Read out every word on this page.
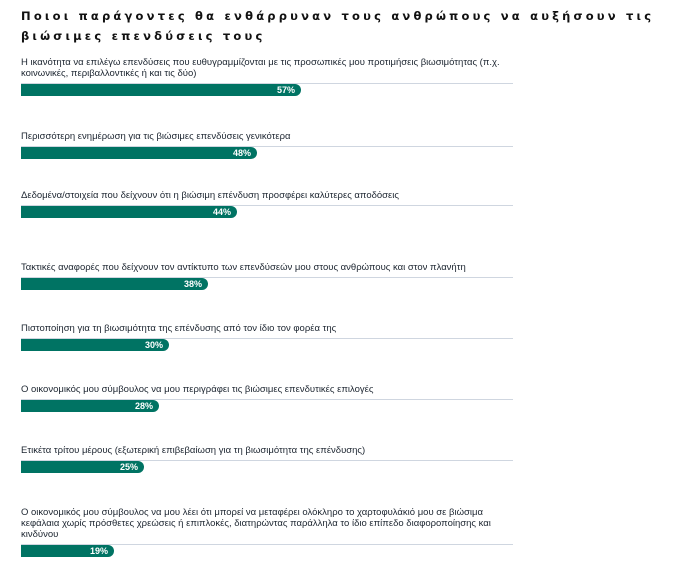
Ποιοι παράγοντες θα ενθάρρυναν τους ανθρώπους να αυξήσουν τις βιώσιμες επενδύσεις τους
Η ικανότητα να επιλέγω επενδύσεις που ευθυγραμμίζονται με τις προσωπικές μου προτιμήσεις βιωσιμότητας (π.χ. κοινωνικές, περιβαλλοντικές ή και τις δύο)
57%
Περισσότερη ενημέρωση για τις βιώσιμες επενδύσεις γενικότερα
48%
Δεδομένα/στοιχεία που δείχνουν ότι η βιώσιμη επένδυση προσφέρει καλύτερες αποδόσεις
44%
Τακτικές αναφορές που δείχνουν τον αντίκτυπο των επενδύσεών μου στους ανθρώπους και στον πλανήτη
38%
Πιστοποίηση για τη βιωσιμότητα της επένδυσης από τον ίδιο τον φορέα της
30%
Ο οικονομικός μου σύμβουλος να μου περιγράφει τις βιώσιμες επενδυτικές επιλογές
28%
Ετικέτα τρίτου μέρους (εξωτερική επιβεβαίωση για τη βιωσιμότητα της επένδυσης)
25%
Ο οικονομικός μου σύμβουλος να μου λέει ότι μπορεί να μεταφέρει ολόκληρο το χαρτοφυλάκιό μου σε βιώσιμα κεφάλαια χωρίς πρόσθετες χρεώσεις ή επιπλοκές, διατηρώντας παράλληλα το ίδιο επίπεδο διαφοροποίησης και κινδύνου
19%
